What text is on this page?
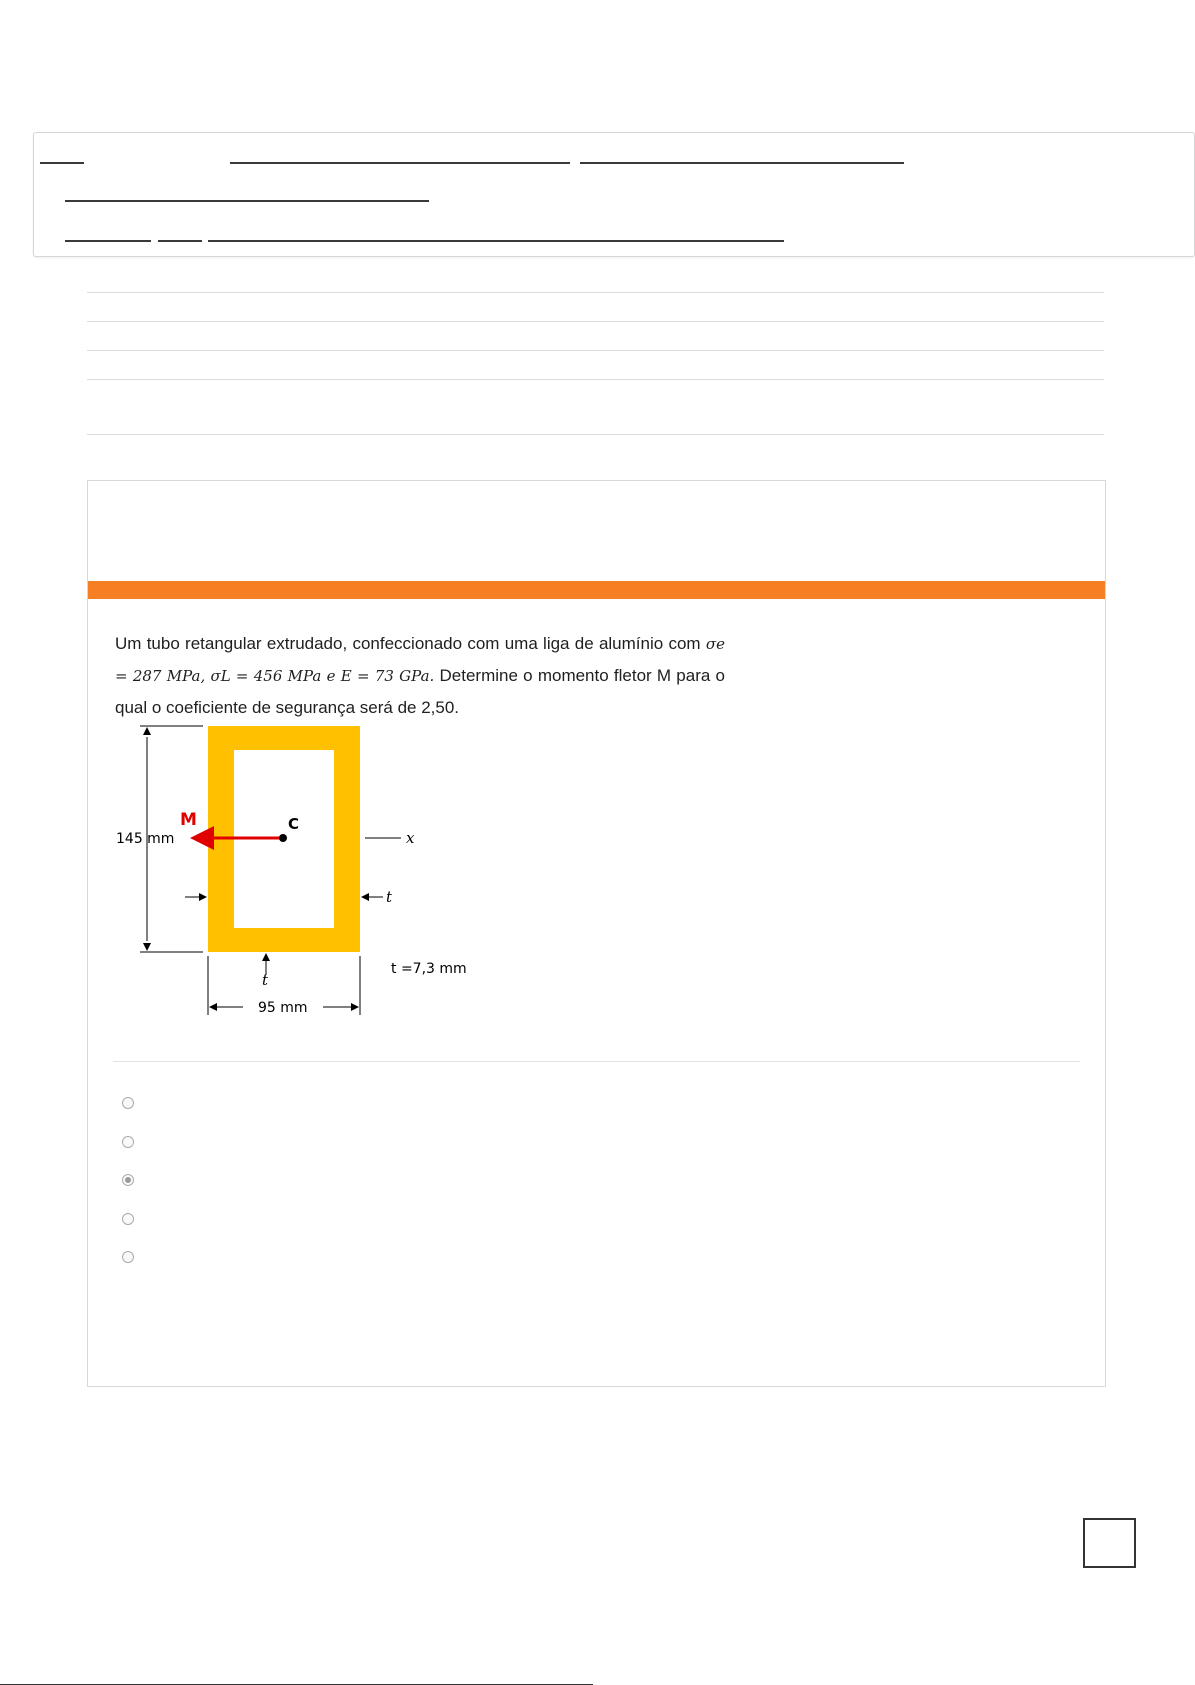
Um tubo retangular extrudado, confeccionado com uma liga de alumínio com σe = 287 MPa, σL = 456 MPa e E = 73 GPa. Determine o momento fletor M para o qual o coeficiente de segurança será de 2,50.
145 mm
M	C
x
t
t
t =7,3 mm
95 mm
